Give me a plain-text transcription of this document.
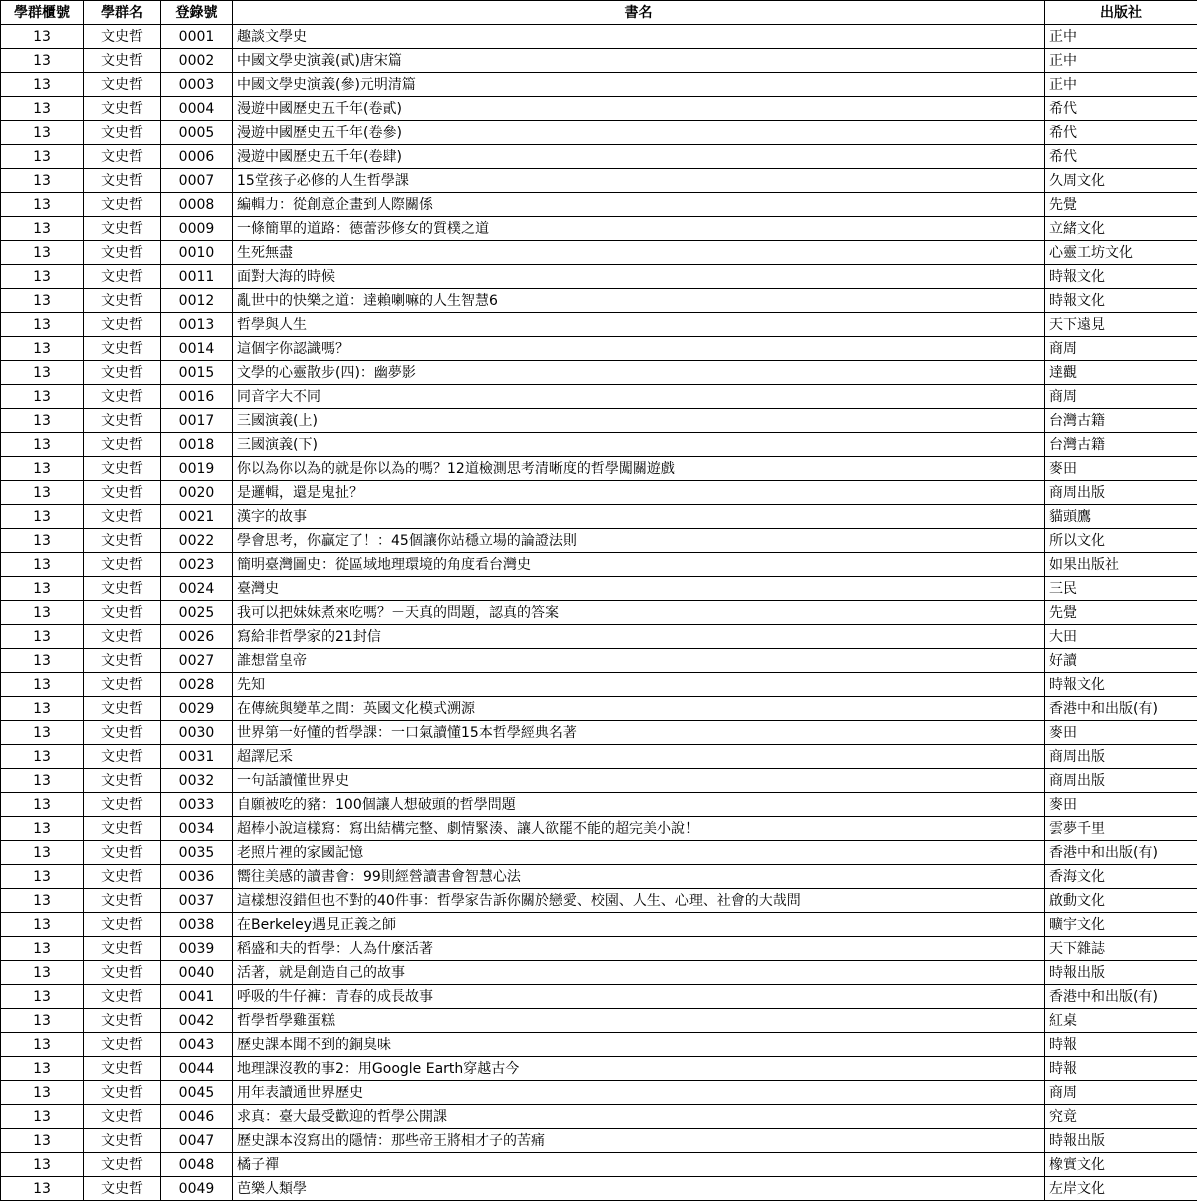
學群櫃號	學群名	登錄號	書名	出版社
13	文史哲	0001	趣談文學史	正中
13	文史哲	0002	中國文學史演義(貳)唐宋篇	正中
13	文史哲	0003	中國文學史演義(參)元明清篇	正中
13	文史哲	0004	漫遊中國歷史五千年(卷貳)	希代
13	文史哲	0005	漫遊中國歷史五千年(卷參)	希代
13	文史哲	0006	漫遊中國歷史五千年(卷肆)	希代
13	文史哲	0007	15堂孩子必修的人生哲學課	久周文化
13	文史哲	0008	編輯力：從創意企畫到人際關係	先覺
13	文史哲	0009	一條簡單的道路：德蕾莎修女的質樸之道	立緒文化
13	文史哲	0010	生死無盡	心靈工坊文化
13	文史哲	0011	面對大海的時候	時報文化
13	文史哲	0012	亂世中的快樂之道：達賴喇嘛的人生智慧6	時報文化
13	文史哲	0013	哲學與人生	天下遠見
13	文史哲	0014	這個字你認識嗎？	商周
13	文史哲	0015	文學的心靈散步(四)：幽夢影	達觀
13	文史哲	0016	同音字大不同	商周
13	文史哲	0017	三國演義(上)	台灣古籍
13	文史哲	0018	三國演義(下)	台灣古籍
13	文史哲	0019	你以為你以為的就是你以為的嗎？12道檢測思考清晰度的哲學闖關遊戲	麥田
13	文史哲	0020	是邏輯，還是鬼扯？	商周出版
13	文史哲	0021	漢字的故事	貓頭鷹
13	文史哲	0022	學會思考，你贏定了！：45個讓你站穩立場的論證法則	所以文化
13	文史哲	0023	簡明臺灣圖史：從區域地理環境的角度看台灣史	如果出版社
13	文史哲	0024	臺灣史	三民
13	文史哲	0025	我可以把妹妹煮來吃嗎？－天真的問題，認真的答案	先覺
13	文史哲	0026	寫給非哲學家的21封信	大田
13	文史哲	0027	誰想當皇帝	好讀
13	文史哲	0028	先知	時報文化
13	文史哲	0029	在傳統與變革之間：英國文化模式溯源	香港中和出版(有)
13	文史哲	0030	世界第一好懂的哲學課：一口氣讀懂15本哲學經典名著	麥田
13	文史哲	0031	超譯尼采	商周出版
13	文史哲	0032	一句話讀懂世界史	商周出版
13	文史哲	0033	自願被吃的豬：100個讓人想破頭的哲學問題	麥田
13	文史哲	0034	超棒小說這樣寫：寫出結構完整、劇情緊湊、讓人欲罷不能的超完美小說！	雲夢千里
13	文史哲	0035	老照片裡的家國記憶	香港中和出版(有)
13	文史哲	0036	嚮往美感的讀書會：99則經營讀書會智慧心法	香海文化
13	文史哲	0037	這樣想沒錯但也不對的40件事：哲學家告訴你關於戀愛、校園、人生、心理、社會的大哉問	啟動文化
13	文史哲	0038	在Berkeley遇見正義之師	曠宇文化
13	文史哲	0039	稻盛和夫的哲學：人為什麼活著	天下雜誌
13	文史哲	0040	活著，就是創造自己的故事	時報出版
13	文史哲	0041	呼吸的牛仔褲：青春的成長故事	香港中和出版(有)
13	文史哲	0042	哲學哲學雞蛋糕	紅桌
13	文史哲	0043	歷史課本聞不到的銅臭味	時報
13	文史哲	0044	地理課沒教的事2：用Google Earth穿越古今	時報
13	文史哲	0045	用年表讀通世界歷史	商周
13	文史哲	0046	求真：臺大最受歡迎的哲學公開課	究竟
13	文史哲	0047	歷史課本沒寫出的隱情：那些帝王將相才子的苦痛	時報出版
13	文史哲	0048	橘子禪	橡實文化
13	文史哲	0049	芭樂人類學	左岸文化
